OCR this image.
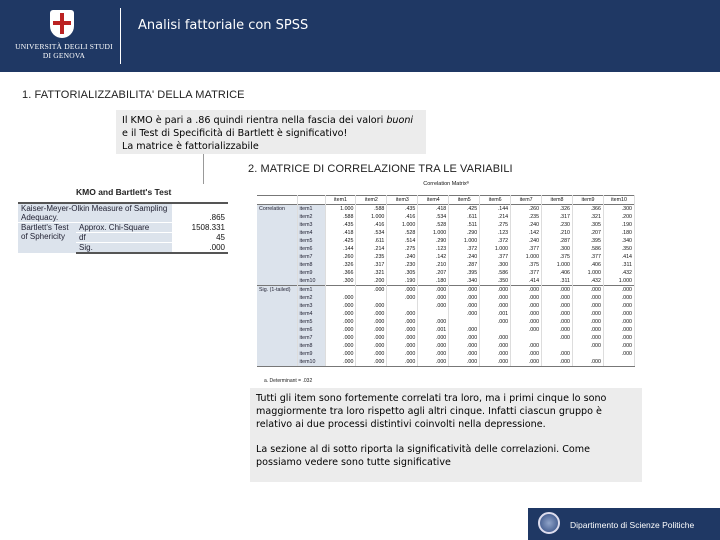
UNIVERSITÀ DEGLI STUDI
DI GENOVA
Analisi fattoriale con SPSS
1. FATTORIALIZZABILITA' DELLA MATRICE
2. MATRICE DI CORRELAZIONE TRA LE VARIABILI

Il KMO è pari a .86 quindi rientra nella fascia dei valori buoni

e il Test di Specificità di Bartlett è significativo!

La matrice è fattorializzabile

KMO and Bartlett's Test
Kaiser-Meyer-Olkin Measure of Sampling Adequacy.		.865
Bartlett's Test of Sphericity	Approx. Chi-Square	1508.331
	df	45
	Sig.	.000
Correlation Matrixª
		item1	item2	item3	item4	item5	item6	item7	item8	item9	item10
Correlation	item1	1.000	.588	.435	.418	.425	.144	.260	.326	.366	.300
	item2	.588	1.000	.416	.534	.611	.214	.235	.317	.321	.200
	item3	.435	.416	1.000	.528	.511	.275	.240	.230	.305	.190
	item4	.418	.534	.528	1.000	.290	.123	.142	.210	.207	.180
	item5	.425	.611	.514	.290	1.000	.372	.240	.287	.395	.340
	item6	.144	.214	.275	.123	.372	1.000	.377	.300	.586	.350
	item7	.260	.235	.240	.142	.240	.377	1.000	.375	.377	.414
	item8	.326	.317	.230	.210	.287	.300	.375	1.000	.406	.311
	item9	.366	.321	.305	.207	.395	.586	.377	.406	1.000	.432
	item10	.300	.200	.190	.180	.340	.350	.414	.311	.432	1.000
Sig. (1-tailed)	item1		.000	.000	.000	.000	.000	.000	.000	.000	.000
	item2	.000		.000	.000	.000	.000	.000	.000	.000	.000
	item3	.000	.000		.000	.000	.000	.000	.000	.000	.000
	item4	.000	.000	.000		.000	.001	.000	.000	.000	.000
	item5	.000	.000	.000	.000		.000	.000	.000	.000	.000
	item6	.000	.000	.000	.001	.000		.000	.000	.000	.000
	item7	.000	.000	.000	.000	.000	.000		.000	.000	.000
	item8	.000	.000	.000	.000	.000	.000	.000		.000	.000
	item9	.000	.000	.000	.000	.000	.000	.000	.000		.000
	item10	.000	.000	.000	.000	.000	.000	.000	.000	.000	
a. Determinant = .032

Tutti gli item sono fortemente correlati tra loro, ma i primi cinque lo sono maggiormente tra loro rispetto agli altri cinque. Infatti ciascun gruppo è relativo ai due processi distintivi coinvolti nella depressione.

La sezione al di sotto riporta la significatività delle correlazioni. Come possiamo vedere sono tutte significative

Dipartimento di Scienze Politiche
